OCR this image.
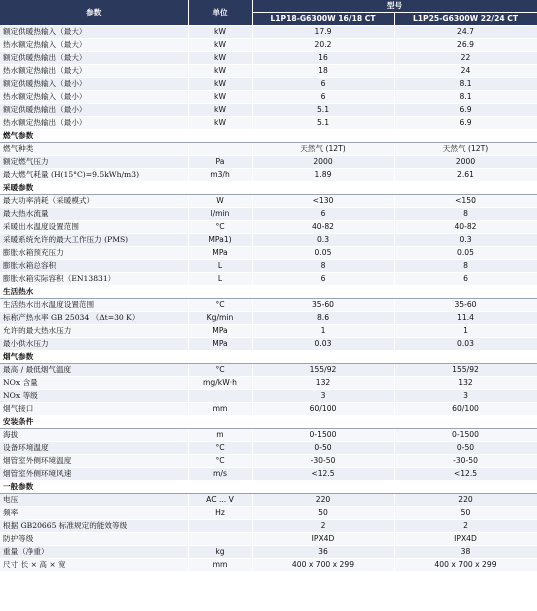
参数	单位	型号	
		L1P18-G6300W 16/18 CT	L1P25-G6300W 22/24 CT
额定供暖热输入（最大）	kW	17.9	24.7
热水额定热输入（最大）	kW	20.2	26.9
额定供暖热输出（最大）	kW	16	22
热水额定热输出（最大）	kW	18	24
额定供暖热输入（最小）	kW	6	8.1
热水额定热输入（最小）	kW	6	8.1
额定供暖热输出（最小）	kW	5.1	6.9
热水额定热输出（最小）	kW	5.1	6.9
燃气参数			
燃气种类		天然气 (12T)	天然气 (12T)
额定燃气压力	Pa	2000	2000
最大燃气耗量 (H(15°C)=9.5kWh/m3)	m3/h	1.89	2.61
采暖参数			
最大功率消耗（采暖模式）	W	<130	<150
最大热水流量	l/min	6	8
采暖出水温度设置范围	°C	40-82	40-82
采暖系统允许的最大工作压力 (PMS)	MPa1)	0.3	0.3
膨胀水箱预充压力	MPa	0.05	0.05
膨胀水箱总容积	L	8	8
膨胀水箱实际容积（EN13831）	L	6	6
生活热水			
生活热水出水温度设置范围	°C	35-60	35-60
标称产热水率 GB 25034 （Δt=30 K）	Kg/min	8.6	11.4
允许的最大热水压力	MPa	1	1
最小供水压力	MPa	0.03	0.03
烟气参数			
最高 / 最低烟气温度	°C	155/92	155/92
NOx 含量	mg/kW·h	132	132
NOx 等级		3	3
烟气接口	mm	60/100	60/100
安装条件			
海拔	m	0-1500	0-1500
设备环境温度	°C	0-50	0-50
烟管室外侧环境温度	°C	-30-50	-30-50
烟管室外侧环境风速	m/s	<12.5	<12.5
一般参数			
电压	AC ... V	220	220
频率	Hz	50	50
根据 GB20665 标准规定的能效等级		2	2
防护等级		IPX4D	IPX4D
重量（净重）	kg	36	38
尺寸 长 × 高 × 宽	mm	400 x 700 x 299	400 x 700 x 299
